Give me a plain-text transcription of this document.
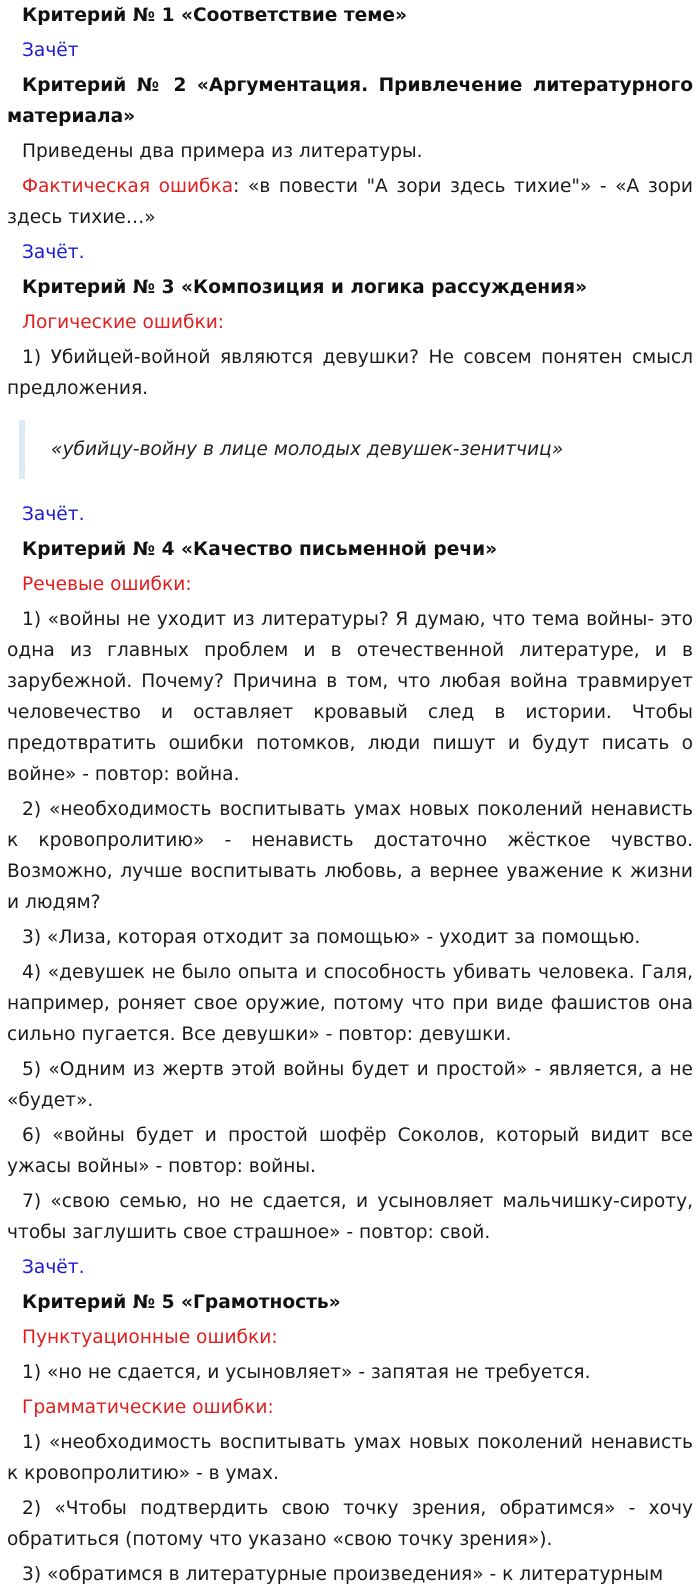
Критерий № 1 «Соответствие теме»

Зачёт

Критерий № 2 «Аргументация. Привлечение литературного материала»

Приведены два примера из литературы.

Фактическая ошибка: «в повести "А зори здесь тихие"» - «А зори здесь тихие…»

Зачёт.

Критерий № 3 «Композиция и логика рассуждения»

Логические ошибки:

1) Убийцей-войной являются девушки? Не совсем понятен смысл предложения.

«убийцу-войну в лице молодых девушек-зенитчиц»

Зачёт.

Критерий № 4 «Качество письменной речи»

Речевые ошибки:

1) «войны не уходит из литературы? Я думаю, что тема войны- это одна из главных проблем и в отечественной литературе, и в зарубежной. Почему? Причина в том, что любая война травмирует человечество и оставляет кровавый след в истории. Чтобы предотвратить ошибки потомков, люди пишут и будут писать о войне» - повтор: война.

2) «необходимость воспитывать умах новых поколений ненависть к кровопролитию» - ненависть достаточно жёсткое чувство. Возможно, лучше воспитывать любовь, а вернее уважение к жизни и людям?

3) «Лиза, которая отходит за помощью» - уходит за помощью.

4) «девушек не было опыта и способность убивать человека. Галя, например, роняет свое оружие, потому что при виде фашистов она сильно пугается. Все девушки» - повтор: девушки.

5) «Одним из жертв этой войны будет и простой» - является, а не «будет».

6) «войны будет и простой шофёр Соколов, который видит все ужасы войны» - повтор: войны.

7) «свою семью, но не сдается, и усыновляет мальчишку-сироту, чтобы заглушить свое страшное» - повтор: свой.

Зачёт.

Критерий № 5 «Грамотность»

Пунктуационные ошибки:

1) «но не сдается, и усыновляет» - запятая не требуется.

Грамматические ошибки:

1) «необходимость воспитывать умах новых поколений ненависть к кровопролитию» - в умах.

2) «Чтобы подтвердить свою точку зрения, обратимся» - хочу обратиться (потому что указано «свою точку зрения»).

3) «обратимся в литературные произведения» - к литературным
